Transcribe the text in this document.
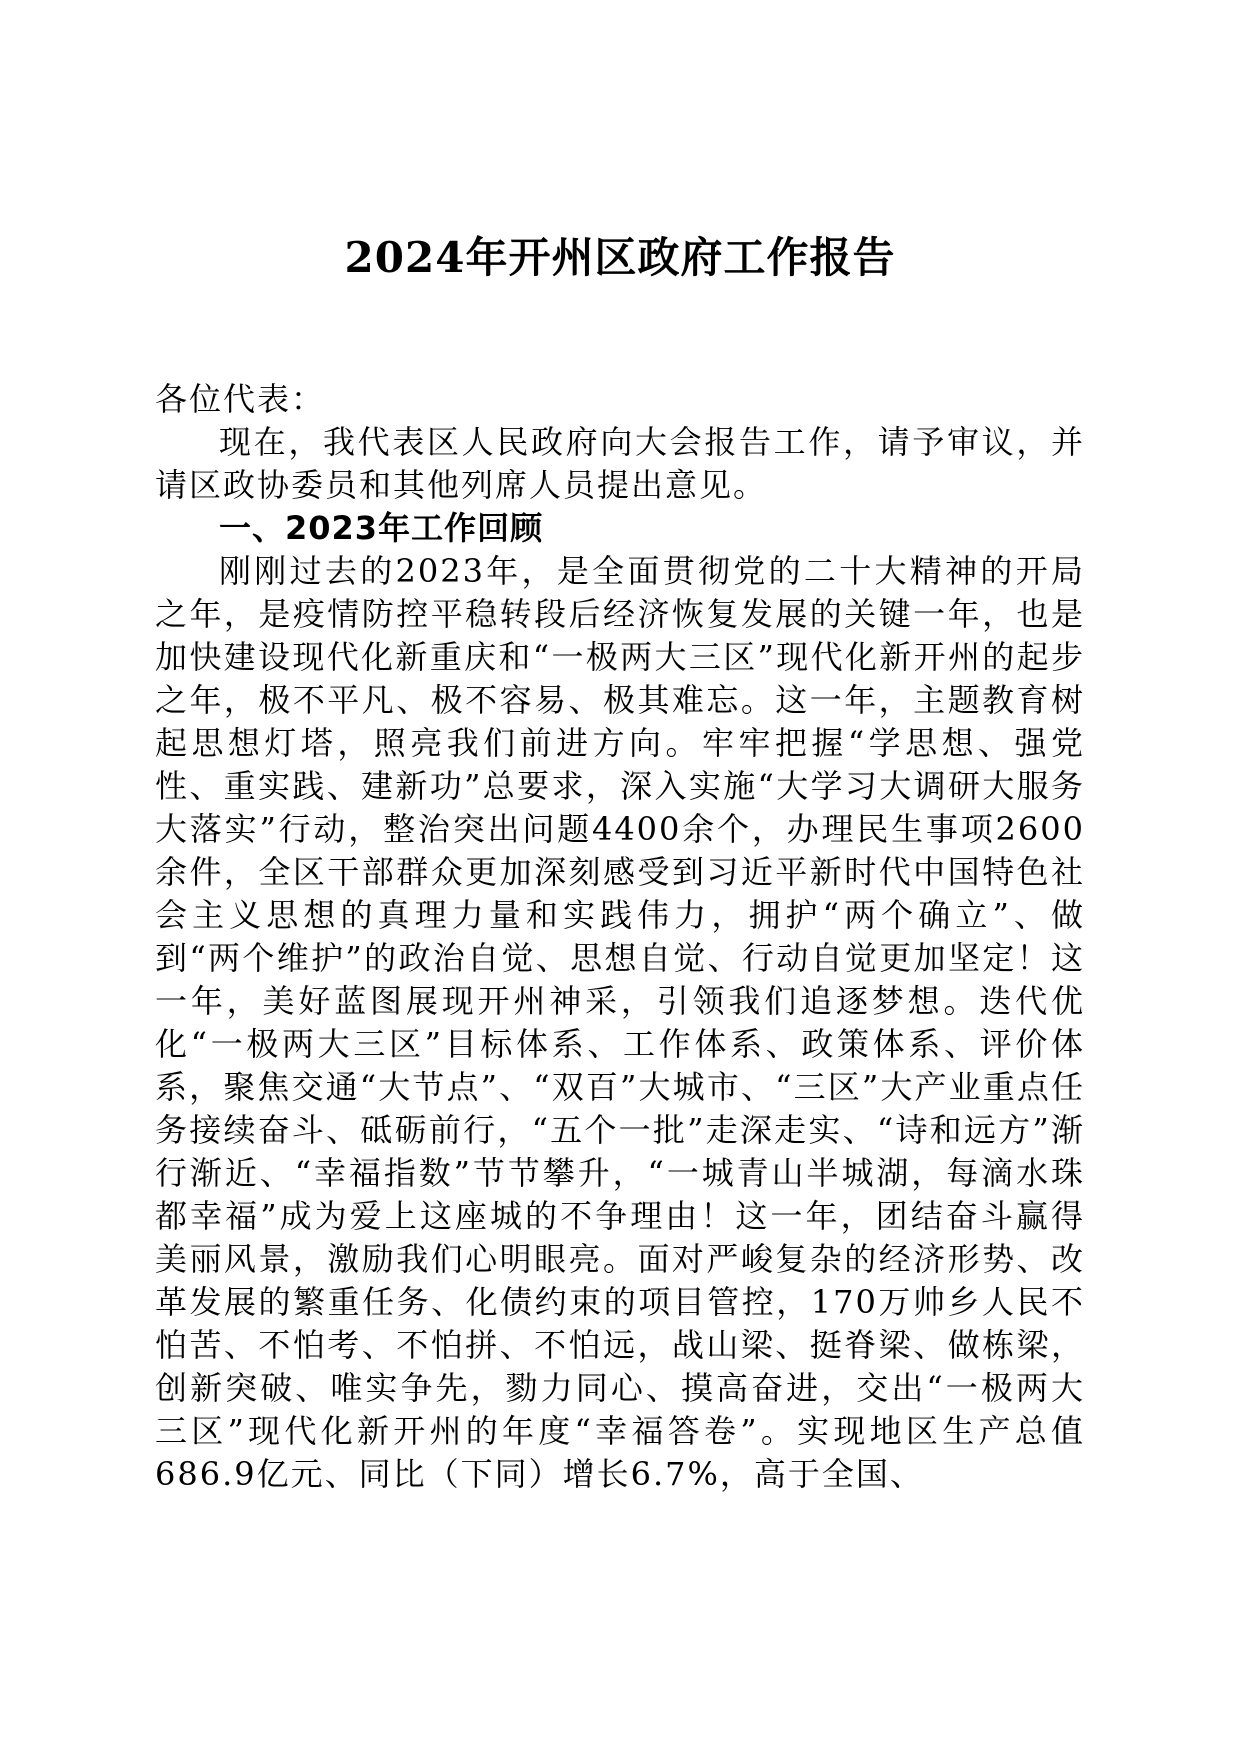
2024年开州区政府工作报告

各位代表：

现在，我代表区人民政府向大会报告工作，请予审议，并请区政协委员和其他列席人员提出意见。

一、2023年工作回顾

刚刚过去的2023年，是全面贯彻党的二十大精神的开局之年，是疫情防控平稳转段后经济恢复发展的关键一年，也是加快建设现代化新重庆和“一极两大三区”现代化新开州的起步之年，极不平凡、极不容易、极其难忘。这一年，主题教育树起思想灯塔，照亮我们前进方向。牢牢把握“学思想、强党性、重实践、建新功”总要求，深入实施“大学习大调研大服务大落实”行动，整治突出问题4400余个，办理民生事项2600余件，全区干部群众更加深刻感受到习近平新时代中国特色社会主义思想的真理力量和实践伟力，拥护“两个确立”、做到“两个维护”的政治自觉、思想自觉、行动自觉更加坚定！这一年，美好蓝图展现开州神采，引领我们追逐梦想。迭代优化“一极两大三区”目标体系、工作体系、政策体系、评价体系，聚焦交通“大节点”、“双百”大城市、“三区”大产业重点任务接续奋斗、砥砺前行，“五个一批”走深走实、“诗和远方”渐行渐近、“幸福指数”节节攀升，“一城青山半城湖，每滴水珠都幸福”成为爱上这座城的不争理由！这一年，团结奋斗赢得美丽风景，激励我们心明眼亮。面对严峻复杂的经济形势、改革发展的繁重任务、化债约束的项目管控，170万帅乡人民不怕苦、不怕考、不怕拼、不怕远，战山梁、挺脊梁、做栋梁，创新突破、唯实争先，勠力同心、摸高奋进，交出“一极两大三区”现代化新开州的年度“幸福答卷”。实现地区生产总值686.9亿元、同比（下同）增长6.7%，高于全国、
